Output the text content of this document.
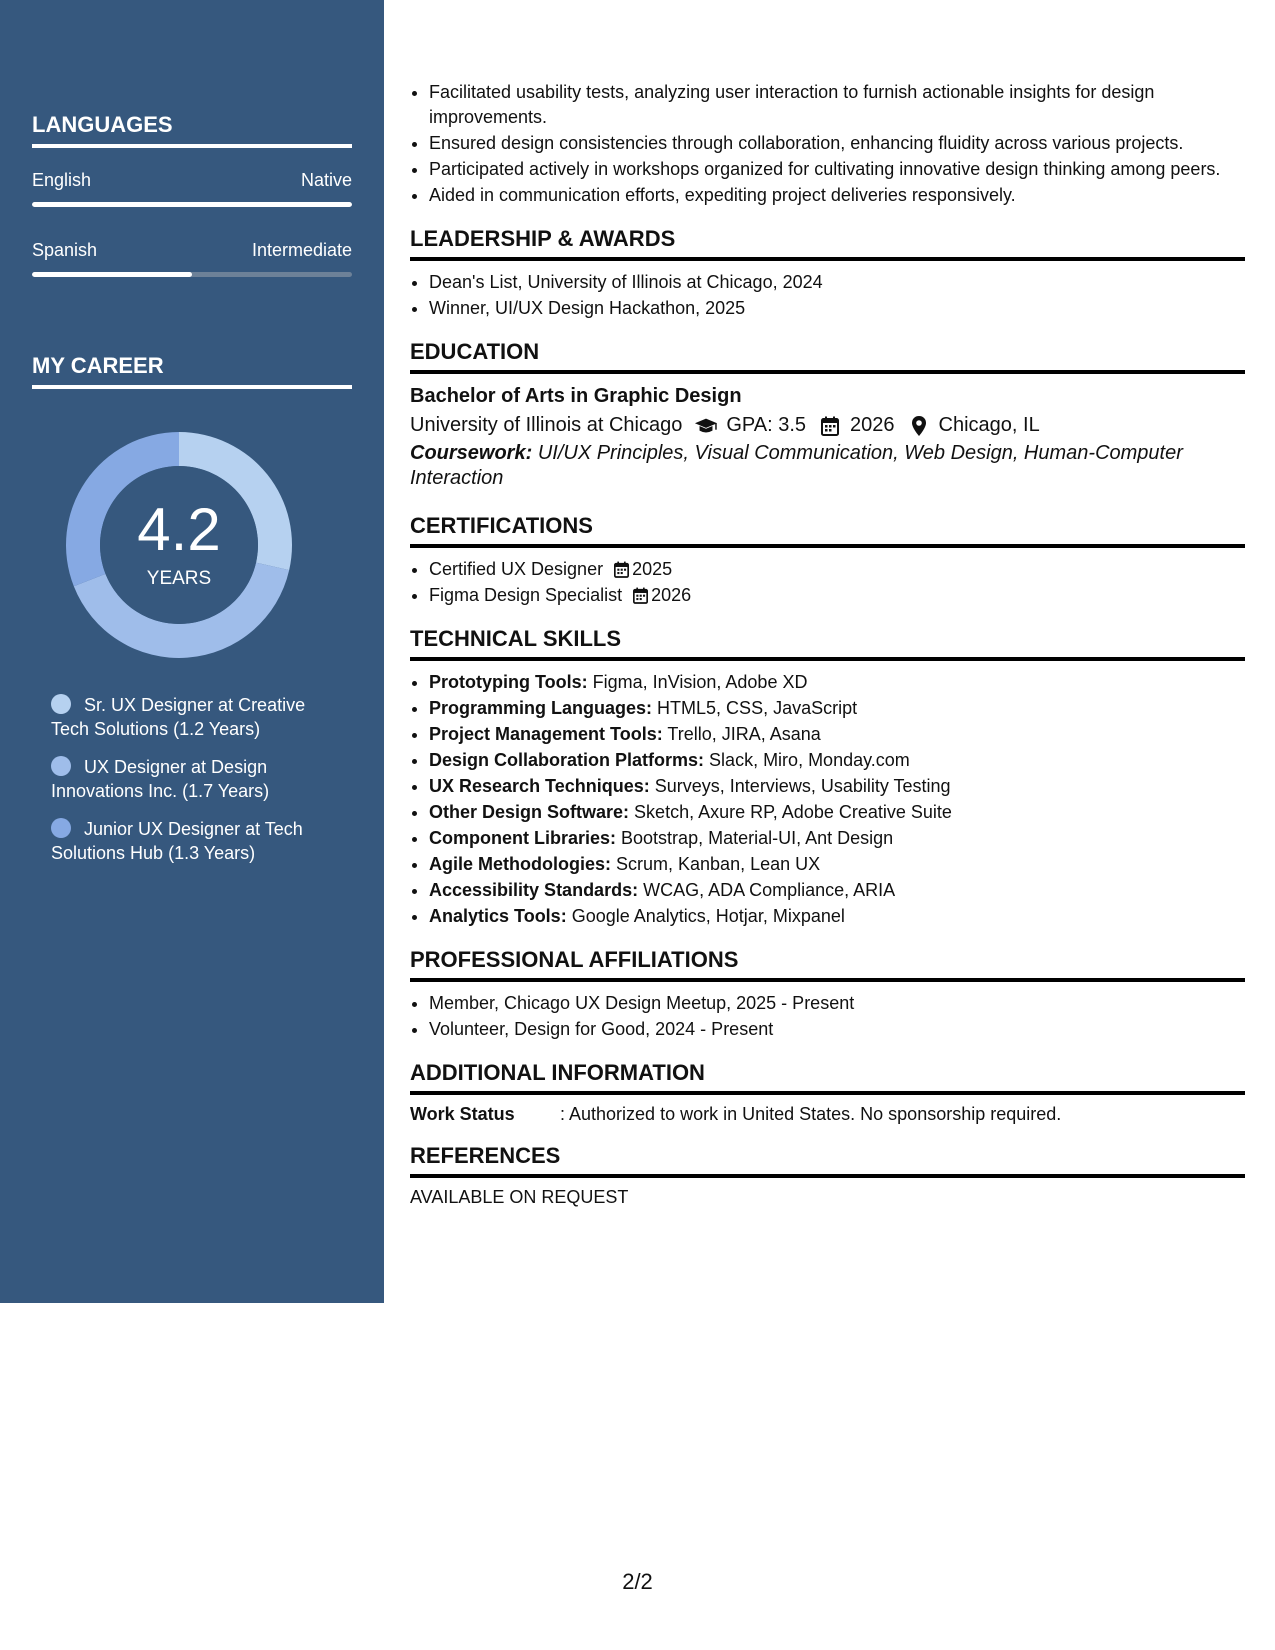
LANGUAGES
English	Native
Spanish	Intermediate
MY CAREER
4.2
YEARS
Sr. UX Designer at Creative Tech Solutions (1.2 Years)
UX Designer at Design Innovations Inc. (1.7 Years)
Junior UX Designer at Tech Solutions Hub (1.3 Years)
• Facilitated usability tests, analyzing user interaction to furnish actionable insights for design improvements.
• Ensured design consistencies through collaboration, enhancing fluidity across various projects.
• Participated actively in workshops organized for cultivating innovative design thinking among peers.
• Aided in communication efforts, expediting project deliveries responsively.
LEADERSHIP & AWARDS
• Dean's List, University of Illinois at Chicago, 2024
• Winner, UI/UX Design Hackathon, 2025
EDUCATION
Bachelor of Arts in Graphic Design
University of Illinois at Chicago GPA: 3.5 2026 Chicago, IL
Coursework: UI/UX Principles, Visual Communication, Web Design, Human-Computer Interaction
CERTIFICATIONS
• Certified UX Designer 2025
• Figma Design Specialist 2026
TECHNICAL SKILLS
• Prototyping Tools: Figma, InVision, Adobe XD
• Programming Languages: HTML5, CSS, JavaScript
• Project Management Tools: Trello, JIRA, Asana
• Design Collaboration Platforms: Slack, Miro, Monday.com
• UX Research Techniques: Surveys, Interviews, Usability Testing
• Other Design Software: Sketch, Axure RP, Adobe Creative Suite
• Component Libraries: Bootstrap, Material-UI, Ant Design
• Agile Methodologies: Scrum, Kanban, Lean UX
• Accessibility Standards: WCAG, ADA Compliance, ARIA
• Analytics Tools: Google Analytics, Hotjar, Mixpanel
PROFESSIONAL AFFILIATIONS
• Member, Chicago UX Design Meetup, 2025 - Present
• Volunteer, Design for Good, 2024 - Present
ADDITIONAL INFORMATION
Work Status	: Authorized to work in United States. No sponsorship required.
REFERENCES
AVAILABLE ON REQUEST
2/2
